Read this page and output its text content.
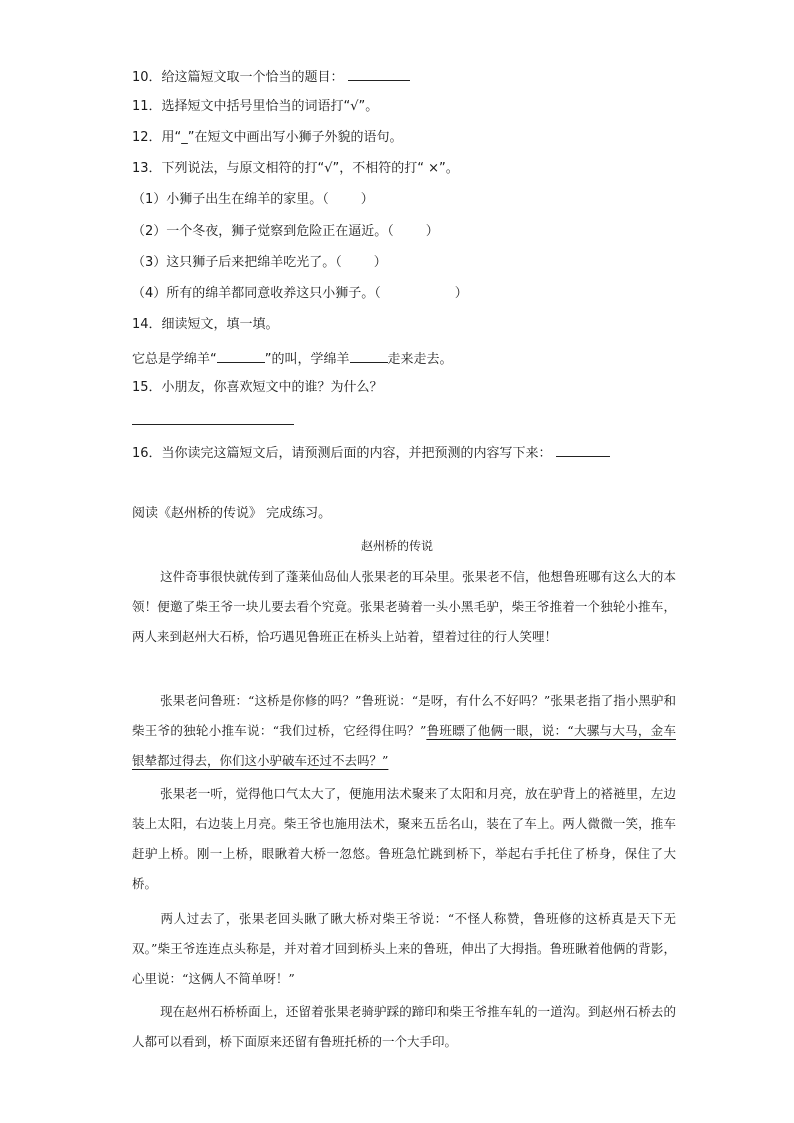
10．给这篇短文取一个恰当的题目：
11．选择短文中括号里恰当的词语打“√”。
12．用“_”在短文中画出写小狮子外貌的语句。
13．下列说法，与原文相符的打“√”，不相符的打“ ×”。
（1）小狮子出生在绵羊的家里。（ ）
（2）一个冬夜，狮子觉察到危险正在逼近。（ ）
（3）这只狮子后来把绵羊吃光了。（ ）
（4）所有的绵羊都同意收养这只小狮子。（	）
14．细读短文，填一填。
它总是学绵羊“	”的叫，学绵羊	走来走去。
15．小朋友，你喜欢短文中的谁？为什么？
16．当你读完这篇短文后，请预测后面的内容，并把预测的内容写下来：
阅读《赵州桥的传说》 完成练习。
赵州桥的传说
这件奇事很快就传到了蓬莱仙岛仙人张果老的耳朵里。张果老不信，他想鲁班哪有这么大的本领！便邀了柴王爷一块儿要去看个究竟。张果老骑着一头小黑毛驴，柴王爷推着一个独轮小推车，两人来到赵州大石桥，恰巧遇见鲁班正在桥头上站着，望着过往的行人笑哩！
张果老问鲁班：“这桥是你修的吗？”鲁班说：“是呀，有什么不好吗？”张果老指了指小黑驴和柴王爷的独轮小推车说：“我们过桥，它经得住吗？”鲁班瞟了他俩一眼，说：“大骡与大马，金车银辇都过得去，你们这小驴破车还过不去吗？”
张果老一听，觉得他口气太大了，便施用法术聚来了太阳和月亮，放在驴背上的褡裢里，左边装上太阳，右边装上月亮。柴王爷也施用法术，聚来五岳名山，装在了车上。两人微微一笑，推车赶驴上桥。刚一上桥，眼瞅着大桥一忽悠。鲁班急忙跳到桥下，举起右手托住了桥身，保住了大桥。
两人过去了，张果老回头瞅了瞅大桥对柴王爷说：“不怪人称赞，鲁班修的这桥真是天下无双。”柴王爷连连点头称是，并对着才回到桥头上来的鲁班，伸出了大拇指。鲁班瞅着他俩的背影，心里说：“这俩人不简单呀！”
现在赵州石桥桥面上，还留着张果老骑驴踩的蹄印和柴王爷推车轧的一道沟。到赵州石桥去的人都可以看到，桥下面原来还留有鲁班托桥的一个大手印。
